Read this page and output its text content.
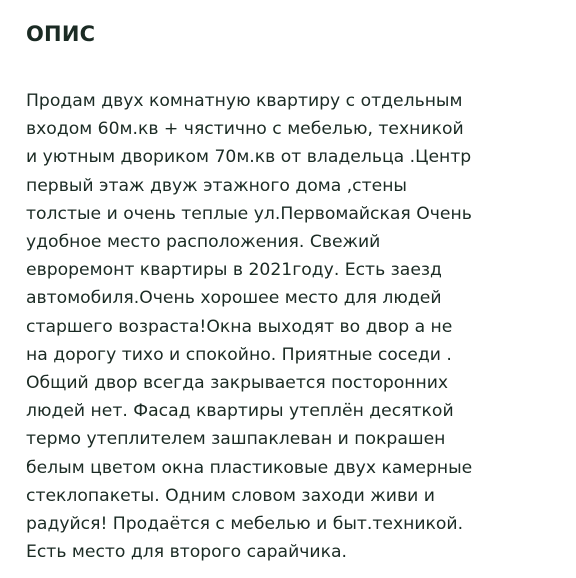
ОПИС

Продам двух комнатную квартиру с отдельным
входом 60м.кв + чястично с мебелью, техникой
и уютным двориком 70м.кв от владельца .Центр
первый этаж двуж этажного дома ,стены
толстые и очень теплые ул.Первомайская Очень
удобное место расположения. Свежий
евроремонт квартиры в 2021году. Есть заезд
автомобиля.Очень хорошее место для людей
старшего возраста!Окна выходят во двор а не
на дорогу тихо и спокойно. Приятные соседи .
Общий двор всегда закрывается посторонних
людей нет. Фасад квартиры утеплён десяткой
термо утеплителем зашпаклеван и покрашен
белым цветом окна пластиковые двух камерные
стеклопакеты. Одним словом заходи живи и
радуйся! Продаётся с мебелью и быт.техникой.
Есть место для второго сарайчика.
